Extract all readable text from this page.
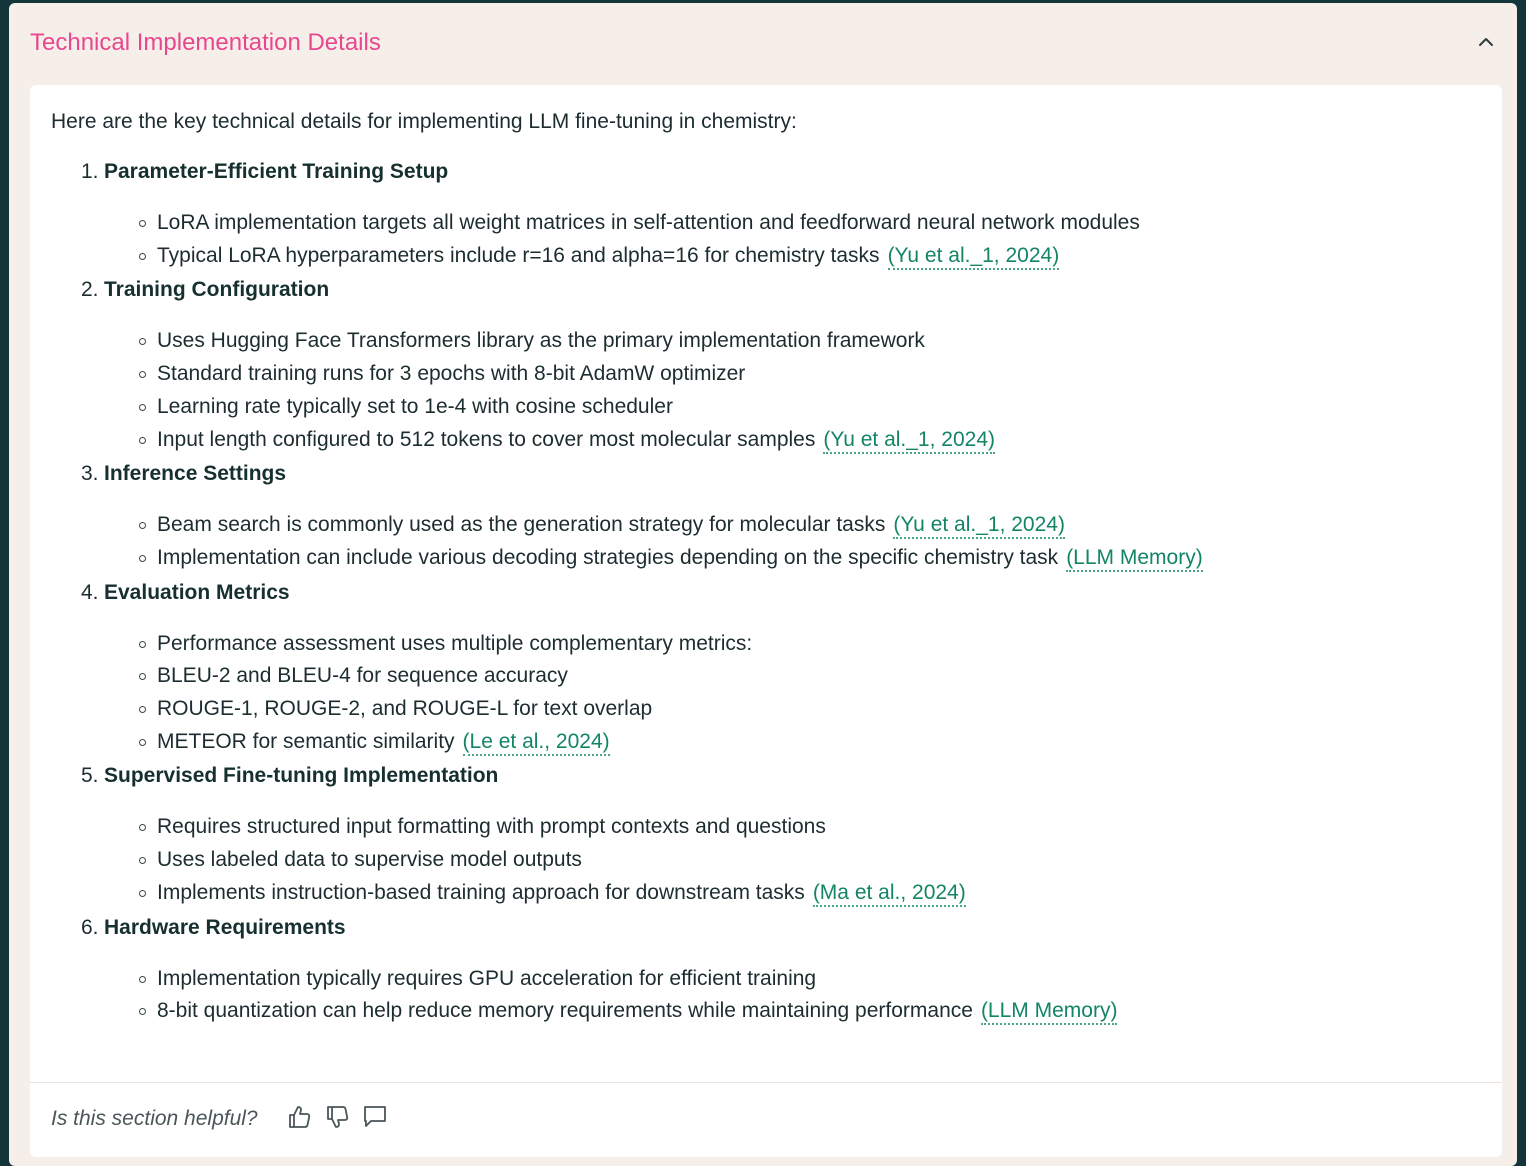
Technical Implementation Details

Here are the key technical details for implementing LLM fine-tuning in chemistry:

1. Parameter-Efficient Training Setup
LoRA implementation targets all weight matrices in self-attention and feedforward neural network modules
Typical LoRA hyperparameters include r=16 and alpha=16 for chemistry tasks (Yu et al._1, 2024)
2. Training Configuration
Uses Hugging Face Transformers library as the primary implementation framework
Standard training runs for 3 epochs with 8-bit AdamW optimizer
Learning rate typically set to 1e-4 with cosine scheduler
Input length configured to 512 tokens to cover most molecular samples (Yu et al._1, 2024)
3. Inference Settings
Beam search is commonly used as the generation strategy for molecular tasks (Yu et al._1, 2024)
Implementation can include various decoding strategies depending on the specific chemistry task (LLM Memory)
4. Evaluation Metrics
Performance assessment uses multiple complementary metrics:
BLEU-2 and BLEU-4 for sequence accuracy
ROUGE-1, ROUGE-2, and ROUGE-L for text overlap
METEOR for semantic similarity (Le et al., 2024)
5. Supervised Fine-tuning Implementation
Requires structured input formatting with prompt contexts and questions
Uses labeled data to supervise model outputs
Implements instruction-based training approach for downstream tasks (Ma et al., 2024)
6. Hardware Requirements
Implementation typically requires GPU acceleration for efficient training
8-bit quantization can help reduce memory requirements while maintaining performance (LLM Memory)
Is this section helpful?
